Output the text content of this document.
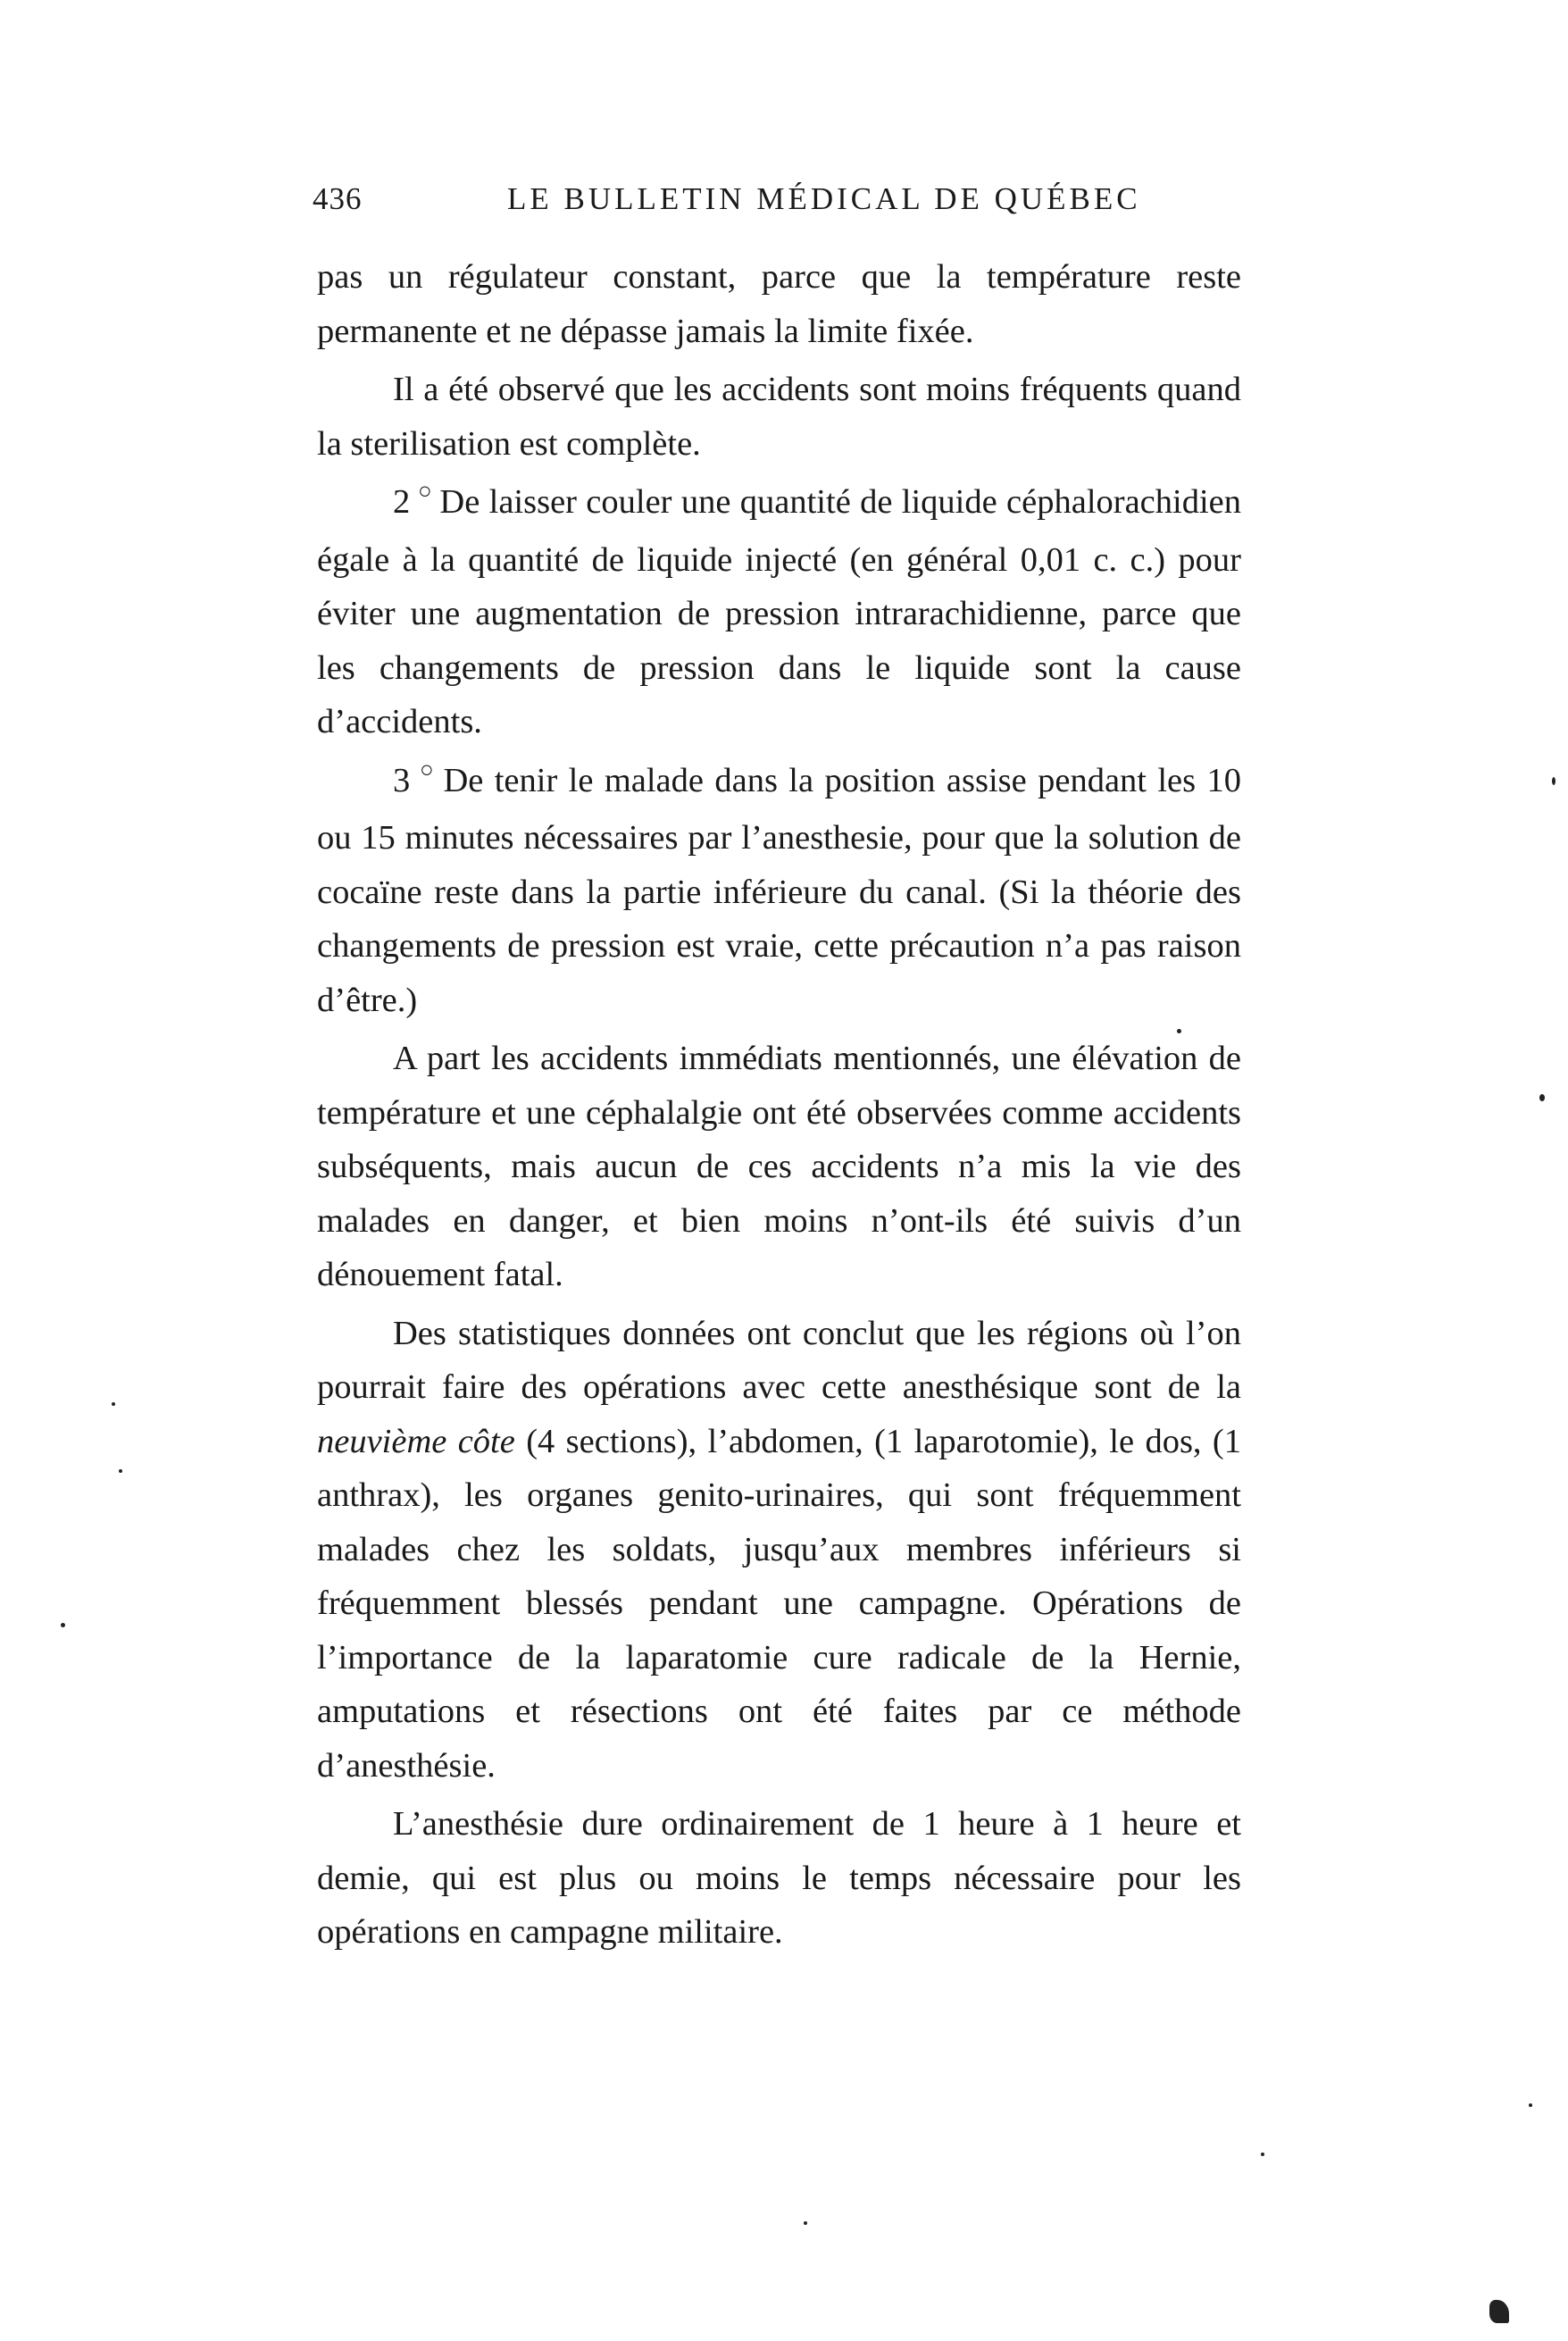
436	LE BULLETIN MÉDICAL DE QUÉBEC

pas un régulateur constant, parce que la température reste permanente et ne dépasse jamais la limite fixée.

Il a été observé que les accidents sont moins fréquents quand la sterilisation est complète.

2 ○ De laisser couler une quantité de liquide céphalorachidien égale à la quantité de liquide injecté (en général 0,01 c. c.) pour éviter une augmentation de pression intrarachidienne, parce que les changements de pression dans le liquide sont la cause d’accidents.

3 ○ De tenir le malade dans la position assise pendant les 10 ou 15 minutes nécessaires par l’anesthesie, pour que la solution de cocaïne reste dans la partie inférieure du canal. (Si la théorie des changements de pression est vraie, cette précaution n’a pas raison d’être.)

A part les accidents immédiats mentionnés, une élévation de température et une céphalalgie ont été observées comme accidents subséquents, mais aucun de ces accidents n’a mis la vie des malades en danger, et bien moins n’ont-ils été suivis d’un dénouement fatal.

Des statistiques données ont conclut que les régions où l’on pourrait faire des opérations avec cette anesthésique sont de la neuvième côte (4 sections), l’abdomen, (1 laparotomie), le dos, (1 anthrax), les organes genito-urinaires, qui sont fréquemment malades chez les soldats, jusqu’aux membres inférieurs si fréquemment blessés pendant une campagne. Opérations de l’importance de la laparatomie cure radicale de la Hernie, amputations et résections ont été faites par ce méthode d’anesthésie.

L’anesthésie dure ordinairement de 1 heure à 1 heure et demie, qui est plus ou moins le temps nécessaire pour les opérations en campagne militaire.
